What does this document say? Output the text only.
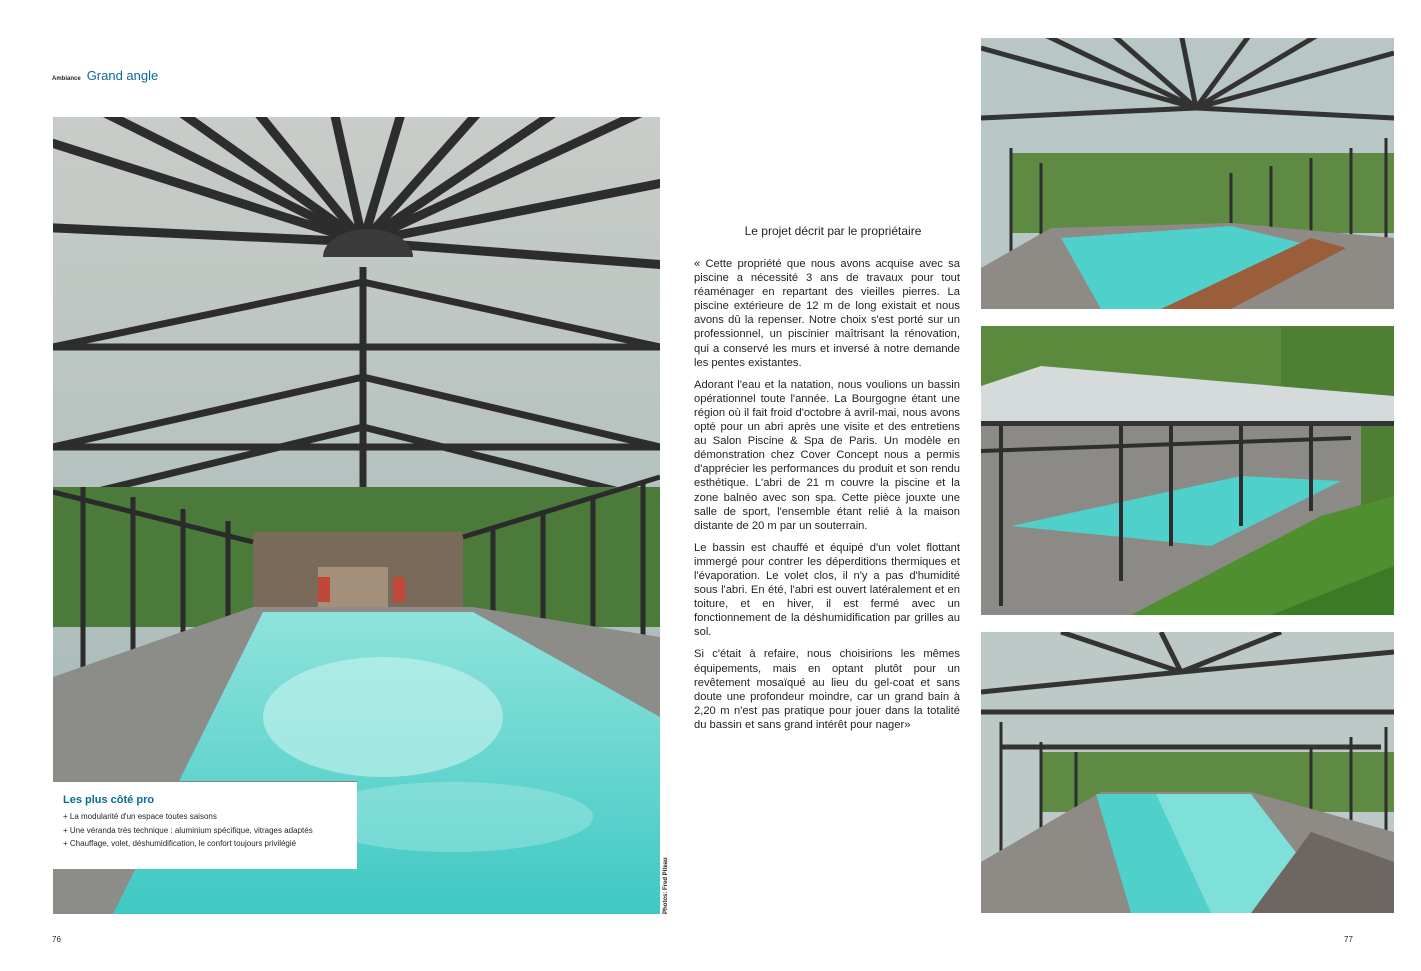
Ambiance Grand angle
Photos: Fred Piteau
Les plus côté pro
+ La modularité d'un espace toutes saisons
+ Une véranda très technique : aluminium spécifique, vitrages adaptés
+ Chauffage, volet, déshumidification, le confort toujours privilégié
Le projet décrit par le propriétaire

« Cette propriété que nous avons acquise avec sa piscine a nécessité 3 ans de travaux pour tout réaménager en repartant des vieilles pierres. La piscine extérieure de 12 m de long existait et nous avons dû la repenser. Notre choix s'est porté sur un professionnel, un piscinier maîtrisant la rénovation, qui a conservé les murs et inversé à notre demande les pentes existantes.

Adorant l'eau et la natation, nous voulions un bassin opérationnel toute l'année. La Bourgogne étant une région où il fait froid d'octobre à avril-mai, nous avons opté pour un abri après une visite et des entretiens au Salon Piscine & Spa de Paris. Un modèle en démonstration chez Cover Concept nous a permis d'apprécier les performances du produit et son rendu esthétique. L'abri de 21 m couvre la piscine et la zone balnéo avec son spa. Cette pièce jouxte une salle de sport, l'ensemble étant relié à la maison distante de 20 m par un souterrain.

Le bassin est chauffé et équipé d'un volet flottant immergé pour contrer les déperditions thermiques et l'évaporation. Le volet clos, il n'y a pas d'humidité sous l'abri. En été, l'abri est ouvert latéralement et en toiture, et en hiver, il est fermé avec un fonctionnement de la déshumidification par grilles au sol.

Si c'était à refaire, nous choisirions les mêmes équipements, mais en optant plutôt pour un revêtement mosaïqué au lieu du gel-coat et sans doute une profondeur moindre, car un grand bain à 2,20 m n'est pas pratique pour jouer dans la totalité du bassin et sans grand intérêt pour nager»

76	77
